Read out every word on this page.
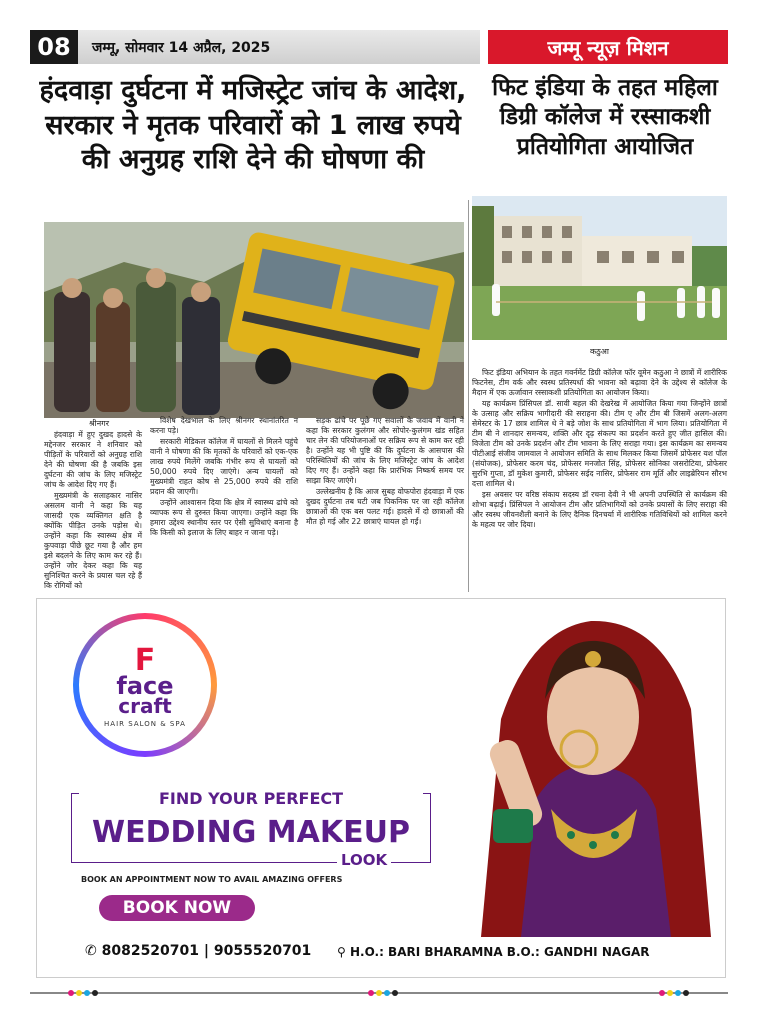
08	जम्मू, सोमवार 14 अप्रैल, 2025	जम्मू न्यूज़ मिशन
हंदवाड़ा दुर्घटना में मजिस्ट्रेट जांच के आदेश, सरकार ने मृतक परिवारों को 1 लाख रुपये की अनुग्रह राशि देने की घोषणा की
फिट इंडिया के तहत महिला डिग्री कॉलेज में रस्साकशी प्रतियोगिता आयोजित
श्रीनगर
कठुआ

हंदवाड़ा में हुए दुखद हादसे के मद्देनजर सरकार ने शनिवार को पीड़ितों के परिवारों को अनुग्रह राशि देने की घोषणा की है जबकि इस दुर्घटना की जांच के लिए मजिस्ट्रेट जांच के आदेश दिए गए हैं।

मुख्यमंत्री के सलाहकार नासिर असलम वानी ने कहा कि यह जासदी एक व्यक्तिगत क्षति है क्योंकि पीड़ित उनके पड़ोस थे। उन्होंने कहा कि स्वास्थ्य क्षेत्र में कुपवाड़ा पीछे छूट गया है और हम इसे बदलने के लिए काम कर रहे हैं। उन्होंने जोर देकर कहा कि यह सुनिश्चित करने के प्रयास चल रहे हैं कि रोगियों को

विशेष देखभाल के लिए श्रीनगर स्थानांतरित न करना पड़े।

सरकारी मेडिकल कॉलेज में घायलों से मिलने पहुंचे वानी ने घोषणा की कि मृतकों के परिवारों को एक-एक लाख रुपये मिलेंगे जबकि गंभीर रूप से घायलों को 50,000 रुपये दिए जाएंगे। अन्य घायलों को मुख्यमंत्री राहत कोष से 25,000 रुपये की राशि प्रदान की जाएगी।

उन्होंने आश्वासन दिया कि क्षेत्र में स्वास्थ्य ढांचे को व्यापक रूप से दुरुस्त किया जाएगा। उन्होंने कहा कि हमारा उद्देश्य स्थानीय स्तर पर ऐसी सुविधाएं बनाना है कि किसी को इलाज के लिए बाहर न जाना पड़े।

सड़क ढांचे पर पूछे गए सवालों के जवाब में वानी ने कहा कि सरकार कुलंगम और सोपोर-कुलंगम खंड सहित चार लेन की परियोजनाओं पर सक्रिय रूप से काम कर रही है। उन्होंने यह भी पुष्टि की कि दुर्घटना के आसपास की परिस्थितियों की जांच के लिए मजिस्ट्रेट जांच के आदेश दिए गए हैं। उन्होंने कहा कि प्रारंभिक निष्कर्ष समय पर साझा किए जाएंगे।

उल्लेखनीय है कि आज सुबह वोफपोरा हंदवाड़ा में एक दुखद दुर्घटना तब घटी जब पिकनिक पर जा रही कॉलेज छात्राओं की एक बस पलट गई। हादसे में दो छात्राओं की मौत हो गई और 22 छात्राएं घायल हो गईं।

फिट इंडिया अभियान के तहत गवर्नमेंट डिग्री कॉलेज फॉर वूमेन कठुआ ने छात्रों में शारीरिक फिटनेस, टीम वर्क और स्वस्थ प्रतिस्पर्धा की भावना को बढ़ावा देने के उद्देश्य से कॉलेज के मैदान में एक ऊर्जावान रस्साकशी प्रतियोगिता का आयोजन किया।

यह कार्यक्रम प्रिंसिपल डॉ. सावी बहल की देखरेख में आयोजित किया गया जिन्होंने छात्रों के उत्साह और सक्रिय भागीदारी की सराहना की। टीम ए और टीम बी जिसमें अलग-अलग सेमेस्टर के 17 छात्र शामिल थे ने बड़े जोश के साथ प्रतियोगिता में भाग लिया। प्रतियोगिता में टीम बी ने शानदार समन्वय, शक्ति और दृढ़ संकल्प का प्रदर्शन करते हुए जीत हासिल की। विजेता टीम को उनके प्रदर्शन और टीम भावना के लिए सराहा गया। इस कार्यक्रम का समन्वय पीटीआई संजीव जामवाल ने आयोजन समिति के साथ मिलकर किया जिसमें प्रोफेसर यश पॉल (संयोजक), प्रोफेसर करम चंद, प्रोफेसर मनजोत सिंह, प्रोफेसर सोनिका जसरोटिया, प्रोफेसर सुरभि गुप्ता, डॉ मुकेश कुमारी, प्रोफेसर सईद नासिर, प्रोफेसर राम मूर्ति और लाइब्रेरियन सौरभ दत्ता शामिल थे।

इस अवसर पर वरिष्ठ संकाय सदस्य डॉ रचना देवी ने भी अपनी उपस्थिति से कार्यक्रम की शोभा बढ़ाई। प्रिंसिपल ने आयोजन टीम और प्रतिभागियों को उनके प्रयासों के लिए सराहा की और स्वस्थ जीवनशैली बनाने के लिए दैनिक दिनचर्या में शारीरिक गतिविधियों को शामिल करने के महत्व पर जोर दिया।

F
face
craft
HAIR SALON & SPA
FIND YOUR PERFECT
WEDDING MAKEUP
LOOK
BOOK AN APPOINTMENT NOW TO AVAIL AMAZING OFFERS
BOOK NOW
✆ 8082520701 | 9055520701 ⚲ H.O.: BARI BHARAMNA B.O.: GANDHI NAGAR
